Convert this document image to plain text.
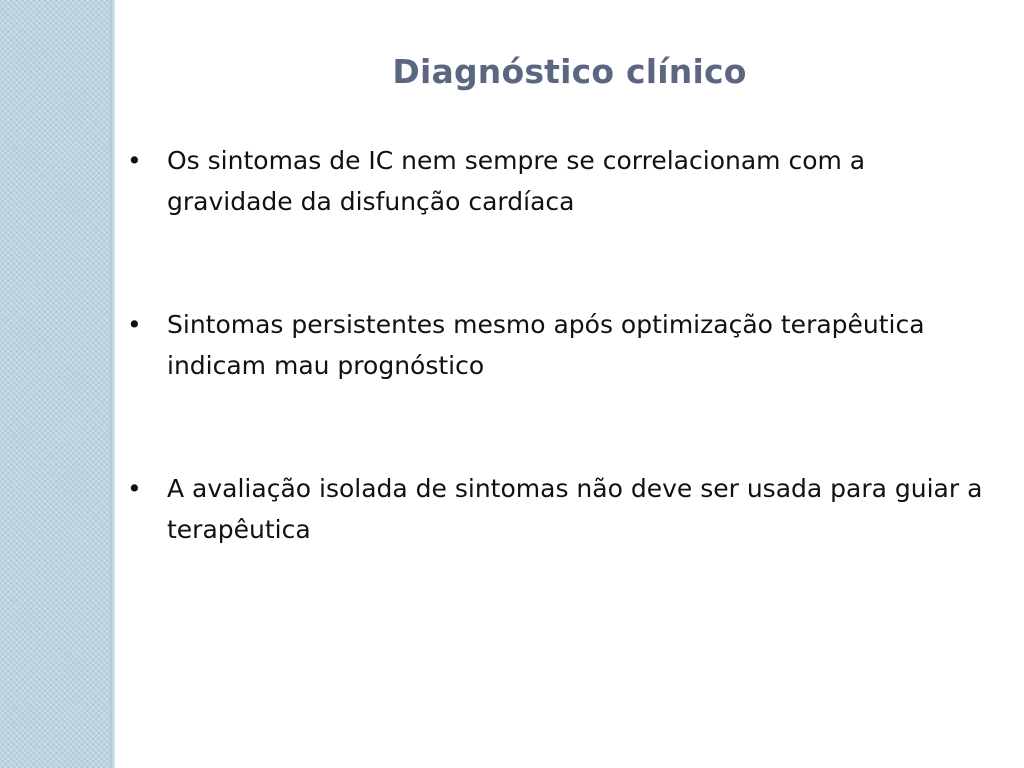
Diagnóstico clínico
• Os sintomas de IC nem sempre se correlacionam com a gravidade da disfunção cardíaca
• Sintomas persistentes mesmo após optimização terapêutica indicam mau prognóstico
• A avaliação isolada de sintomas não deve ser usada para guiar a terapêutica
